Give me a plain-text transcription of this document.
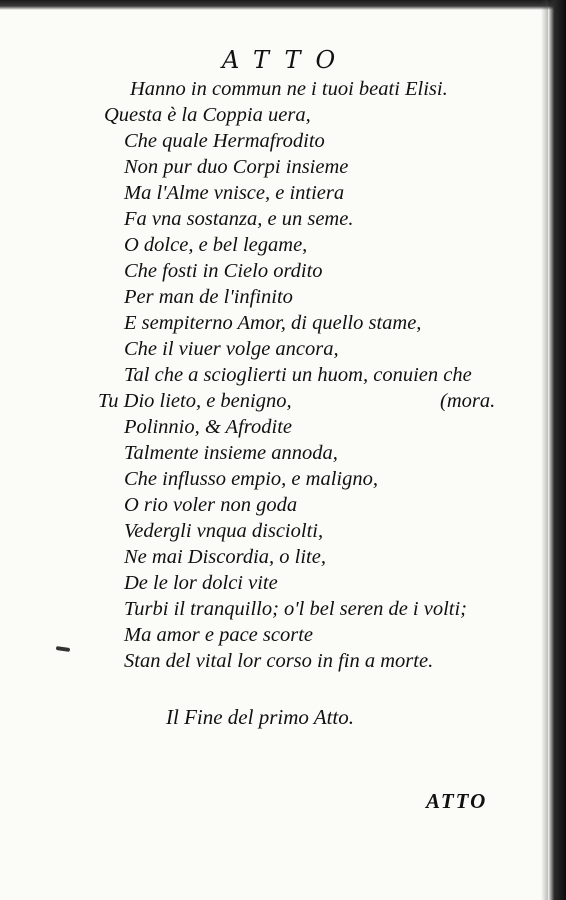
ATTO
Hanno in commun ne i tuoi beati Elisi.
Questa è la Coppia uera,
Che quale Hermafrodito
Non pur duo Corpi insieme
Ma l'Alme vnisce, e intiera
Fa vna sostanza, e un seme.
O dolce, e bel legame,
Che fosti in Cielo ordito
Per man de l'infinito
E sempiterno Amor, di quello stame,
Che il viuer volge ancora,
Tal che a scioglierti un huom, conuien che
Tu Dio lieto, e benigno,	(mora.
Polinnio, & Afrodite
Talmente insieme annoda,
Che influsso empio, e maligno,
O rio voler non goda
Vedergli vnqua disciolti,
Ne mai Discordia, o lite,
De le lor dolci vite
Turbi il tranquillo; o'l bel seren de i volti;
Ma amor e pace scorte
Stan del vital lor corso in fin a morte.
Il Fine del primo Atto.
ATTO
